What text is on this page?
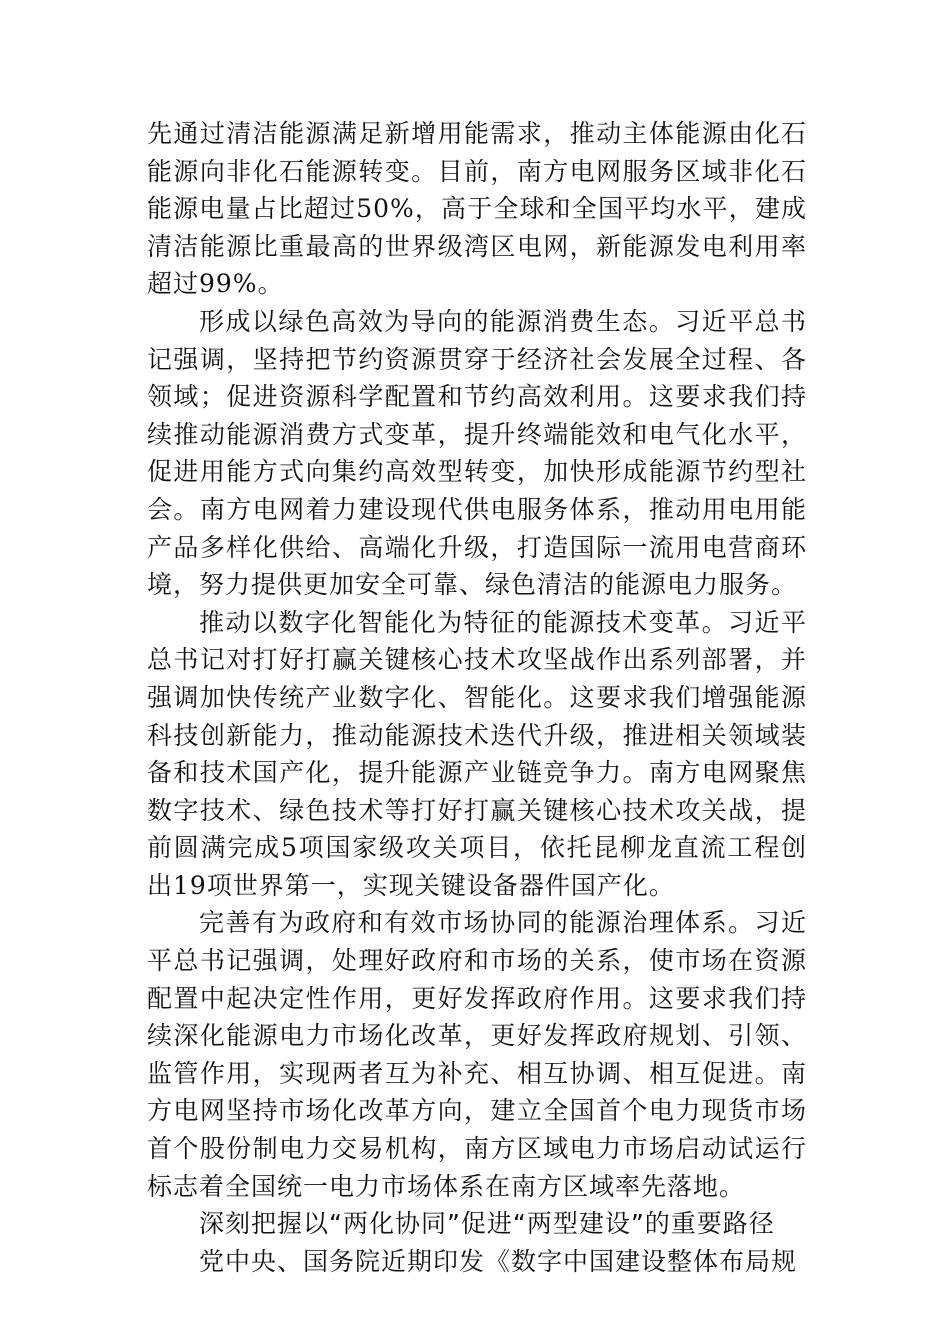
先通过清洁能源满足新增用能需求，推动主体能源由化石能源向非化石能源转变。目前，南方电网服务区域非化石能源电量占比超过50%，高于全球和全国平均水平，建成清洁能源比重最高的世界级湾区电网，新能源发电利用率超过99%。

形成以绿色高效为导向的能源消费生态。习近平总书记强调，坚持把节约资源贯穿于经济社会发展全过程、各领域；促进资源科学配置和节约高效利用。这要求我们持续推动能源消费方式变革，提升终端能效和电气化水平，促进用能方式向集约高效型转变，加快形成能源节约型社会。南方电网着力建设现代供电服务体系，推动用电用能产品多样化供给、高端化升级，打造国际一流用电营商环境，努力提供更加安全可靠、绿色清洁的能源电力服务。

推动以数字化智能化为特征的能源技术变革。习近平总书记对打好打赢关键核心技术攻坚战作出系列部署，并强调加快传统产业数字化、智能化。这要求我们增强能源科技创新能力，推动能源技术迭代升级，推进相关领域装备和技术国产化，提升能源产业链竞争力。南方电网聚焦数字技术、绿色技术等打好打赢关键核心技术攻关战，提前圆满完成5项国家级攻关项目，依托昆柳龙直流工程创出19项世界第一，实现关键设备器件国产化。

完善有为政府和有效市场协同的能源治理体系。习近平总书记强调，处理好政府和市场的关系，使市场在资源配置中起决定性作用，更好发挥政府作用。这要求我们持续深化能源电力市场化改革，更好发挥政府规划、引领、监管作用，实现两者互为补充、相互协调、相互促进。南方电网坚持市场化改革方向，建立全国首个电力现货市场首个股份制电力交易机构，南方区域电力市场启动试运行标志着全国统一电力市场体系在南方区域率先落地。

深刻把握以“两化协同”促进“两型建设”的重要路径

党中央、国务院近期印发《数字中国建设整体布局规
